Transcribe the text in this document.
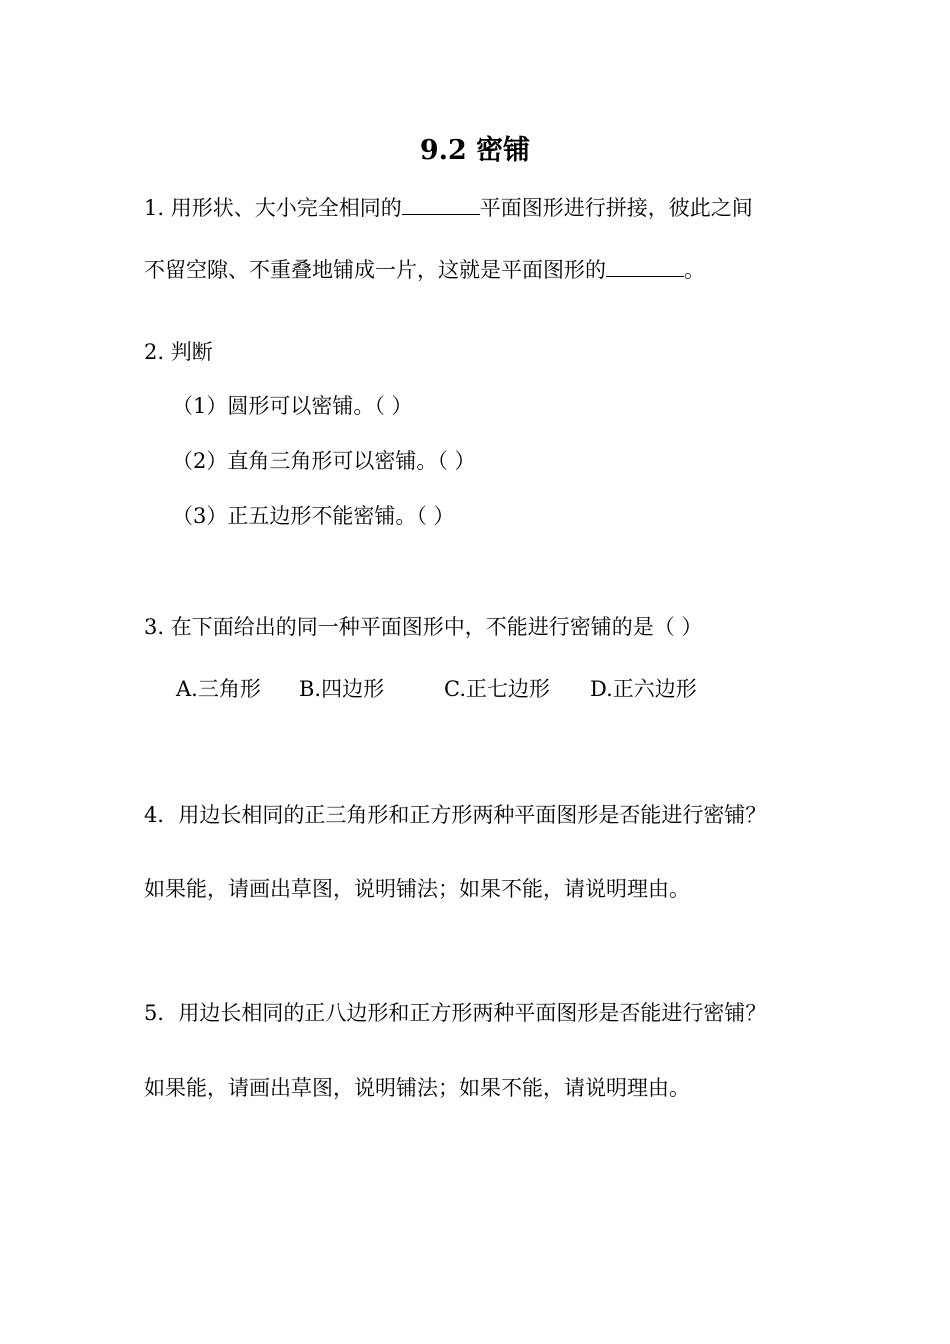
9.2 密铺
1. 用形状、大小完全相同的	平面图形进行拼接，彼此之间
不留空隙、不重叠地铺成一片，这就是平面图形的	。
2. 判断
（1）圆形可以密铺。（ ）
（2）直角三角形可以密铺。（ ）
（3）正五边形不能密铺。（ ）
3. 在下面给出的同一种平面图形中，不能进行密铺的是（ ）
A.三角形 B.四边形	C.正七边形 D.正六边形
4．用边长相同的正三角形和正方形两种平面图形是否能进行密铺？
如果能，请画出草图，说明铺法；如果不能，请说明理由。
5．用边长相同的正八边形和正方形两种平面图形是否能进行密铺？
如果能，请画出草图，说明铺法；如果不能，请说明理由。
